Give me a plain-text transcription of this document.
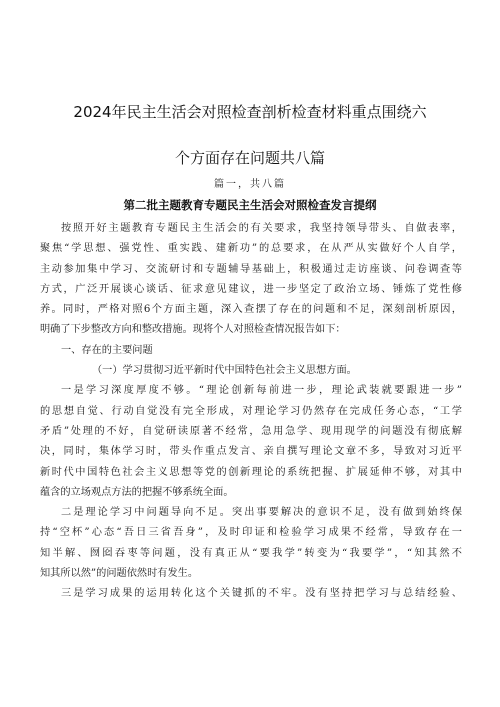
2024年民主生活会对照检查剖析检查材料重点围绕六
个方面存在问题共八篇
篇一，共八篇
第二批主题教育专题民主生活会对照检查发言提纲
按照开好主题教育专题民主生活会的有关要求，我坚持领导带头、自做表率，
聚焦“学思想、强党性、重实践、建新功”的总要求，在从严从实做好个人自学，
主动参加集中学习、交流研讨和专题辅导基础上，积极通过走访座谈、问卷调查等
方式，广泛开展谈心谈话、征求意见建议，进一步坚定了政治立场、锤炼了党性修
养。同时，严格对照6个方面主题，深入查摆了存在的问题和不足，深刻剖析原因，
明确了下步整改方向和整改措施。现将个人对照检查情况报告如下：
一、存在的主要问题
（一）学习贯彻习近平新时代中国特色社会主义思想方面。
一是学习深度厚度不够。“理论创新每前进一步，理论武装就要跟进一步”
的思想自觉、行动自觉没有完全形成，对理论学习仍然存在完成任务心态，“工学
矛盾”处理的不好，自觉研读原著不经常，急用急学、现用现学的问题没有彻底解
决，同时，集体学习时，带头作重点发言、亲自撰写理论文章不多，导致对习近平
新时代中国特色社会主义思想等党的创新理论的系统把握、扩展延伸不够，对其中
蕴含的立场观点方法的把握不够系统全面。
二是理论学习中问题导向不足。突出事要解决的意识不足，没有做到始终保
持“空杯”心态“吾日三省吾身”，及时印证和检验学习成果不经常，导致存在一
知半解、囫囵吞枣等问题，没有真正从“要我学”转变为“我要学”，“知其然不
知其所以然”的问题依然时有发生。
三是学习成果的运用转化这个关键抓的不牢。没有坚持把学习与总结经验、
